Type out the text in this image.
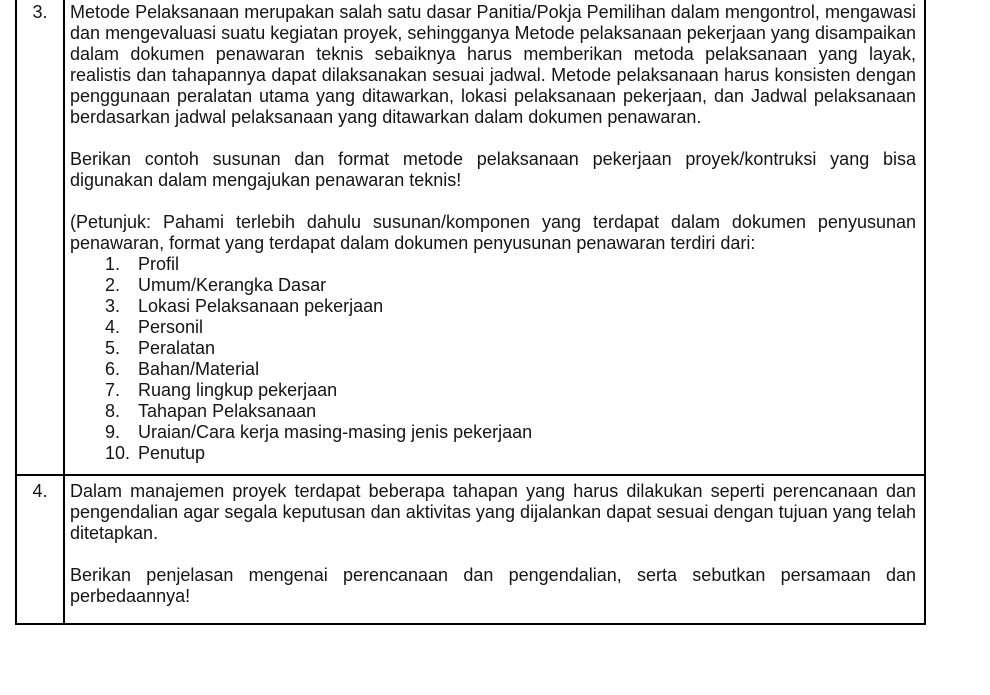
3.	Metode Pelaksanaan merupakan salah satu dasar Panitia/Pokja Pemilihan dalam mengontrol, mengawasi dan mengevaluasi suatu kegiatan proyek, sehingganya Metode pelaksanaan pekerjaan yang disampaikan dalam dokumen penawaran teknis sebaiknya harus memberikan metoda pelaksanaan yang layak, realistis dan tahapannya dapat dilaksanakan sesuai jadwal. Metode pelaksanaan harus konsisten dengan penggunaan peralatan utama yang ditawarkan, lokasi pelaksanaan pekerjaan, dan Jadwal pelaksanaan berdasarkan jadwal pelaksanaan yang ditawarkan dalam dokumen penawaran.

Berikan contoh susunan dan format metode pelaksanaan pekerjaan proyek/kontruksi yang bisa digunakan dalam mengajukan penawaran teknis!

(Petunjuk: Pahami terlebih dahulu susunan/komponen yang terdapat dalam dokumen penyusunan penawaran, format yang terdapat dalam dokumen penyusunan penawaran terdiri dari:

1. Profil
2. Umum/Kerangka Dasar
3. Lokasi Pelaksanaan pekerjaan
4. Personil
5. Peralatan
6. Bahan/Material
7. Ruang lingkup pekerjaan
8. Tahapan Pelaksanaan
9. Uraian/Cara kerja masing-masing jenis pekerjaan
10. Penutup
4.	Dalam manajemen proyek terdapat beberapa tahapan yang harus dilakukan seperti perencanaan dan pengendalian agar segala keputusan dan aktivitas yang dijalankan dapat sesuai dengan tujuan yang telah ditetapkan.

Berikan penjelasan mengenai perencanaan dan pengendalian, serta sebutkan persamaan dan perbedaannya!
